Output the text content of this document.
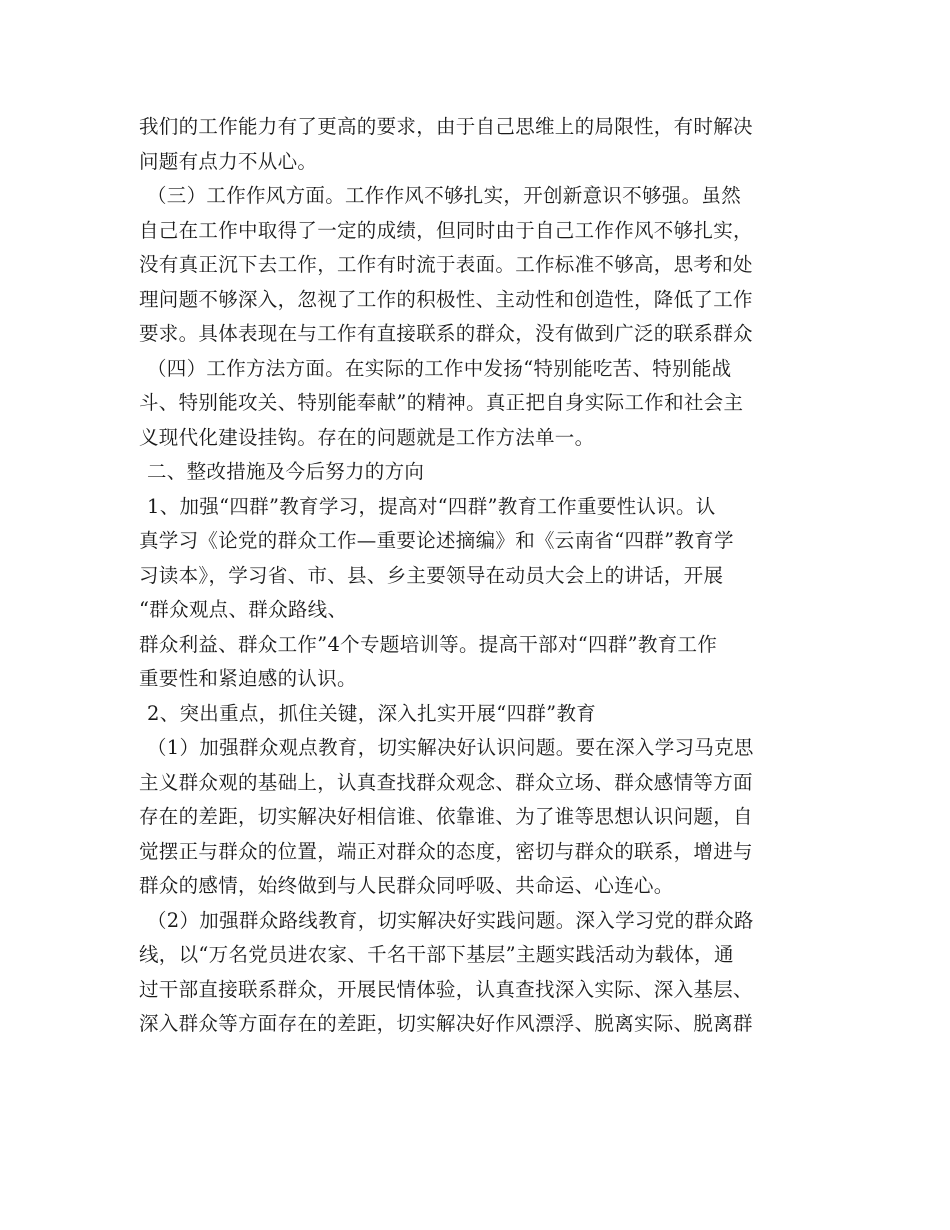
我们的工作能力有了更高的要求，由于自己思维上的局限性，有时解决
问题有点力不从心。
（三）工作作风方面。工作作风不够扎实，开创新意识不够强。虽然
自己在工作中取得了一定的成绩，但同时由于自己工作作风不够扎实，
没有真正沉下去工作，工作有时流于表面。工作标准不够高，思考和处
理问题不够深入，忽视了工作的积极性、主动性和创造性，降低了工作
要求。具体表现在与工作有直接联系的群众，没有做到广泛的联系群众
（四）工作方法方面。在实际的工作中发扬“特别能吃苦、特别能战
斗、特别能攻关、特别能奉献”的精神。真正把自身实际工作和社会主
义现代化建设挂钩。存在的问题就是工作方法单一。
二、整改措施及今后努力的方向
1、加强“四群”教育学习，提高对“四群”教育工作重要性认识。认
真学习《论党的群众工作—重要论述摘编》和《云南省“四群”教育学
习读本》，学习省、市、县、乡主要领导在动员大会上的讲话，开展
“群众观点、群众路线、
群众利益、群众工作”4个专题培训等。提高干部对“四群”教育工作
重要性和紧迫感的认识。
2、突出重点，抓住关键，深入扎实开展“四群”教育
（1）加强群众观点教育，切实解决好认识问题。要在深入学习马克思
主义群众观的基础上，认真查找群众观念、群众立场、群众感情等方面
存在的差距，切实解决好相信谁、依靠谁、为了谁等思想认识问题，自
觉摆正与群众的位置，端正对群众的态度，密切与群众的联系，增进与
群众的感情，始终做到与人民群众同呼吸、共命运、心连心。
（2）加强群众路线教育，切实解决好实践问题。深入学习党的群众路
线，以“万名党员进农家、千名干部下基层”主题实践活动为载体，通
过干部直接联系群众，开展民情体验，认真查找深入实际、深入基层、
深入群众等方面存在的差距，切实解决好作风漂浮、脱离实际、脱离群
